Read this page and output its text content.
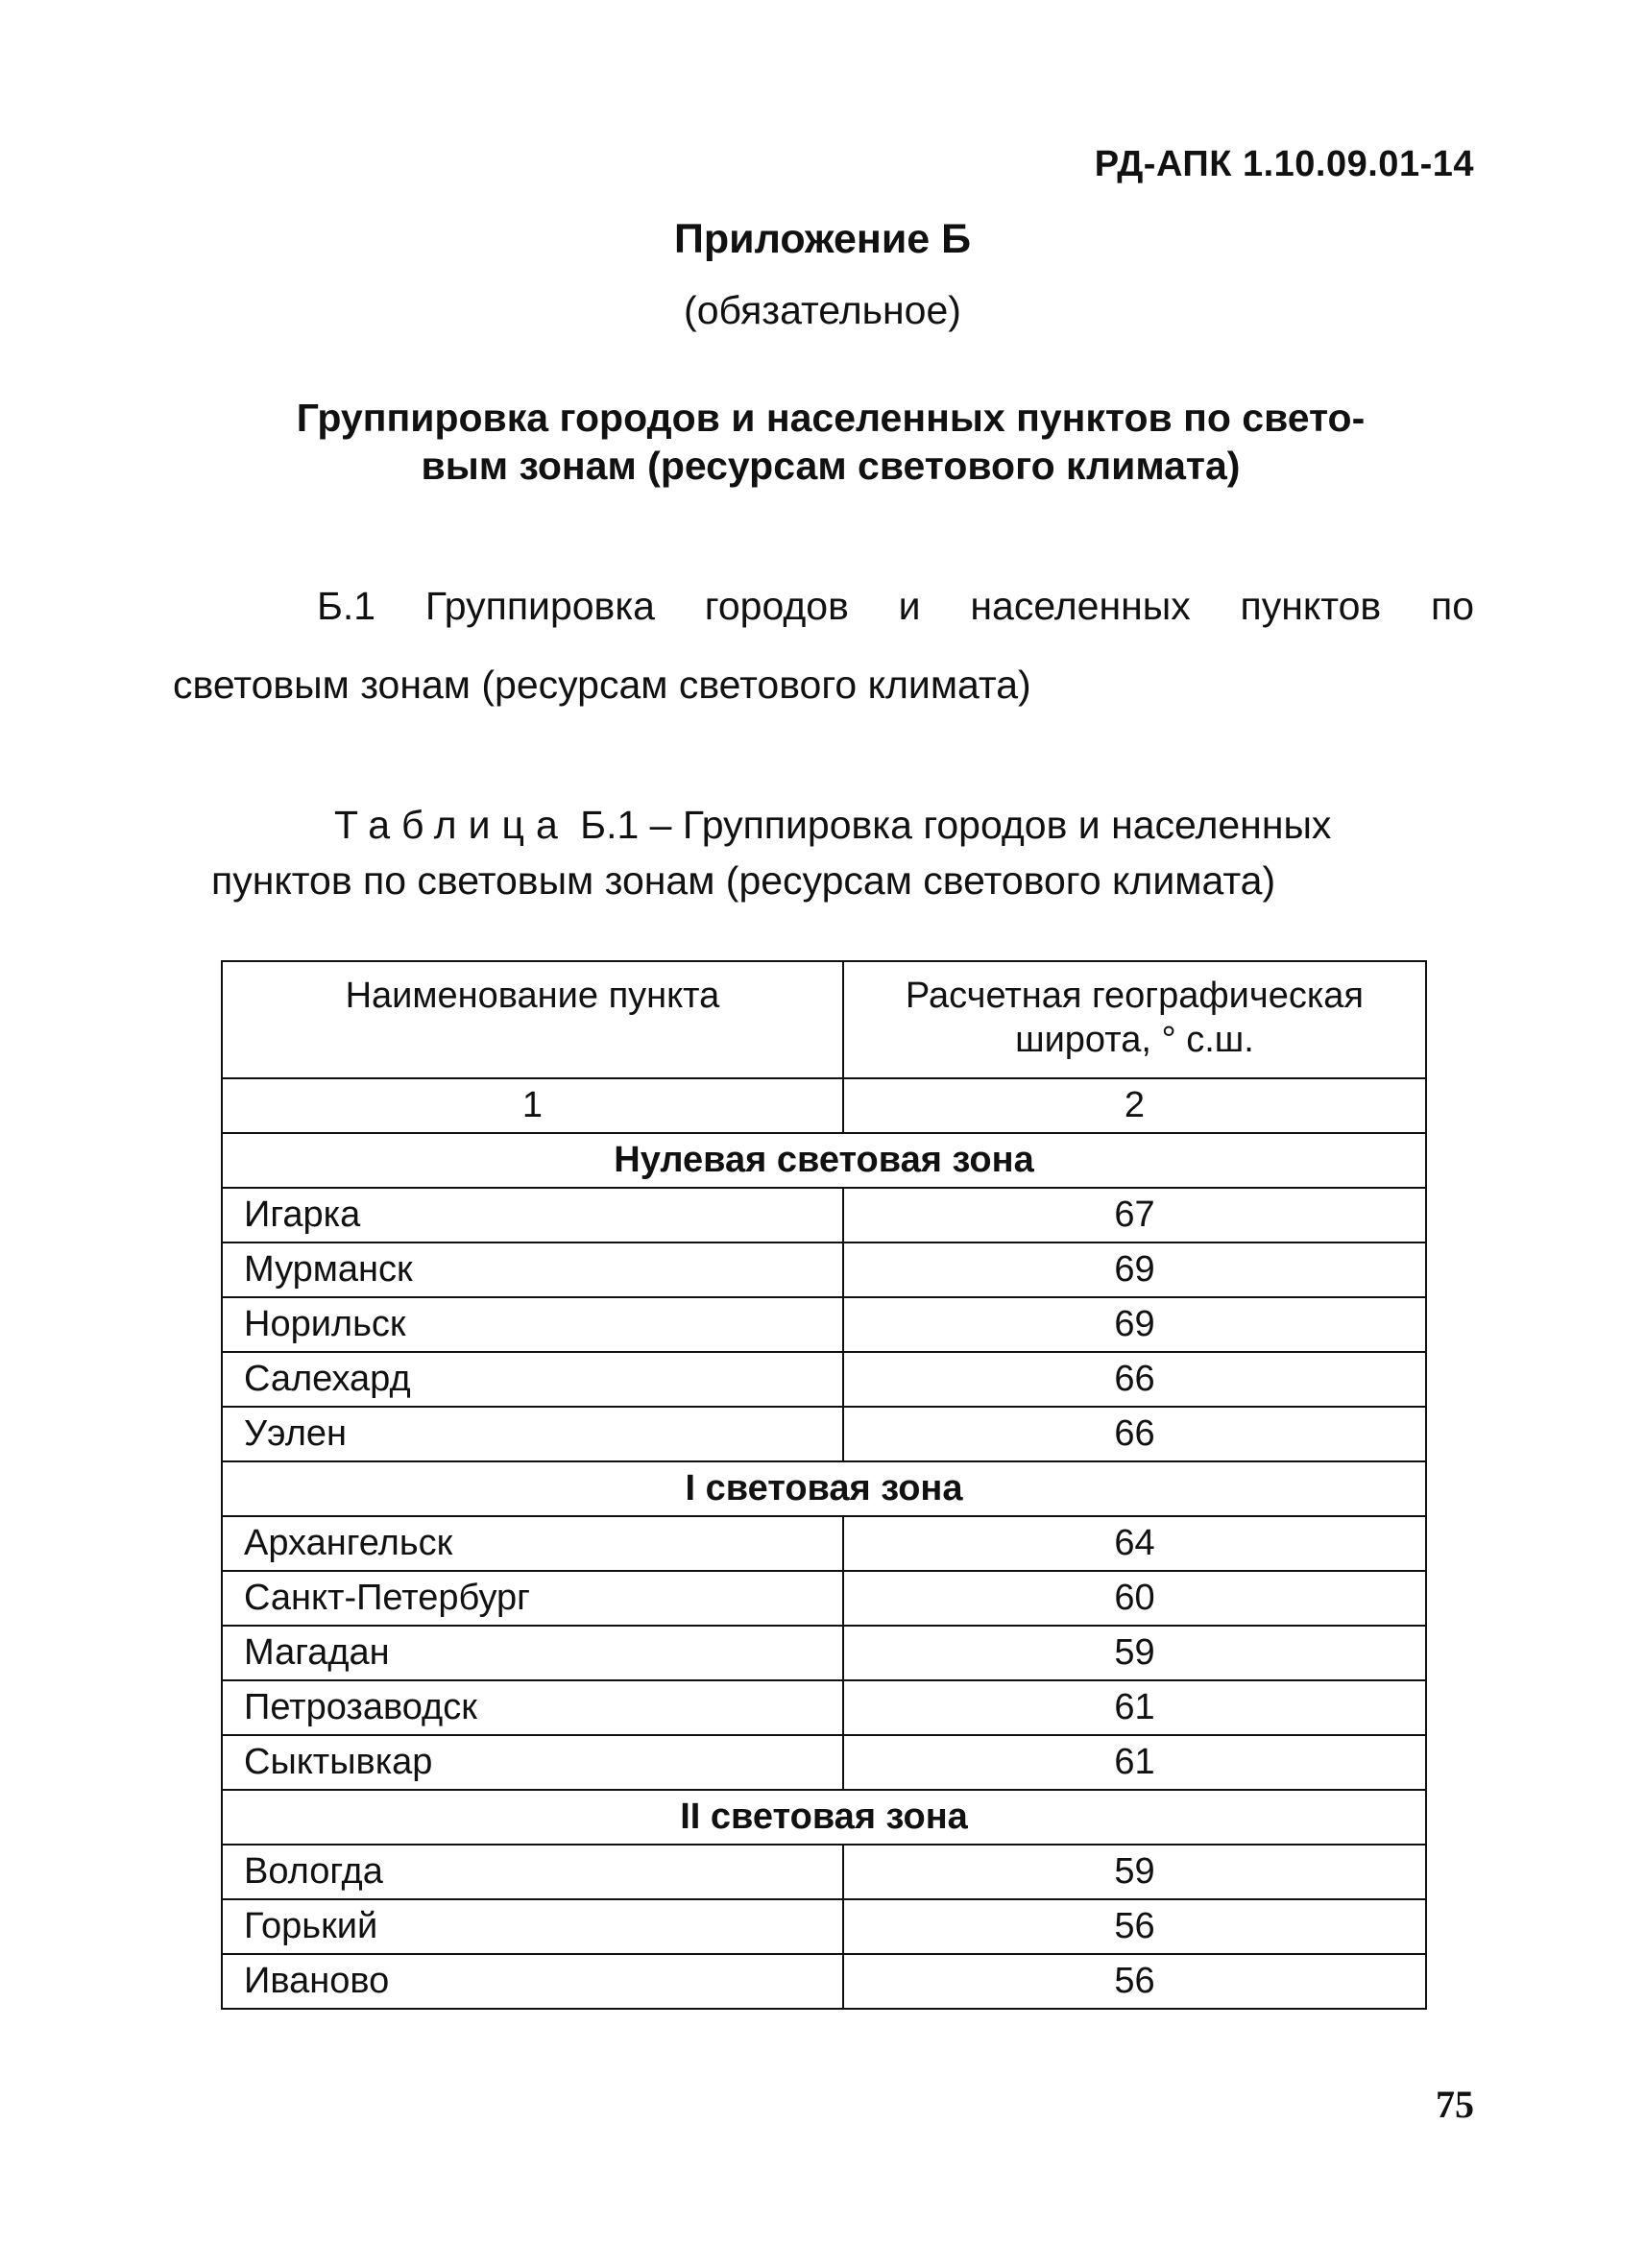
РД-АПК 1.10.09.01-14
Приложение Б
(обязательное)
Группировка городов и населенных пунктов по свето-
вым зонам (ресурсам светового климата)
Б.1 Группировка городов и населенных пунктов по
световым зонам (ресурсам светового климата)
Таблица Б.1 – Группировка городов и населенных
пунктов по световым зонам (ресурсам светового климата)
Наименование пункта	Расчетная географическая широта, ° с.ш.
1	2
Нулевая световая зона	
Игарка	67
Мурманск	69
Норильск	69
Салехард	66
Уэлен	66
I световая зона	
Архангельск	64
Санкт-Петербург	60
Магадан	59
Петрозаводск	61
Сыктывкар	61
II световая зона	
Вологда	59
Горький	56
Иваново	56
75
